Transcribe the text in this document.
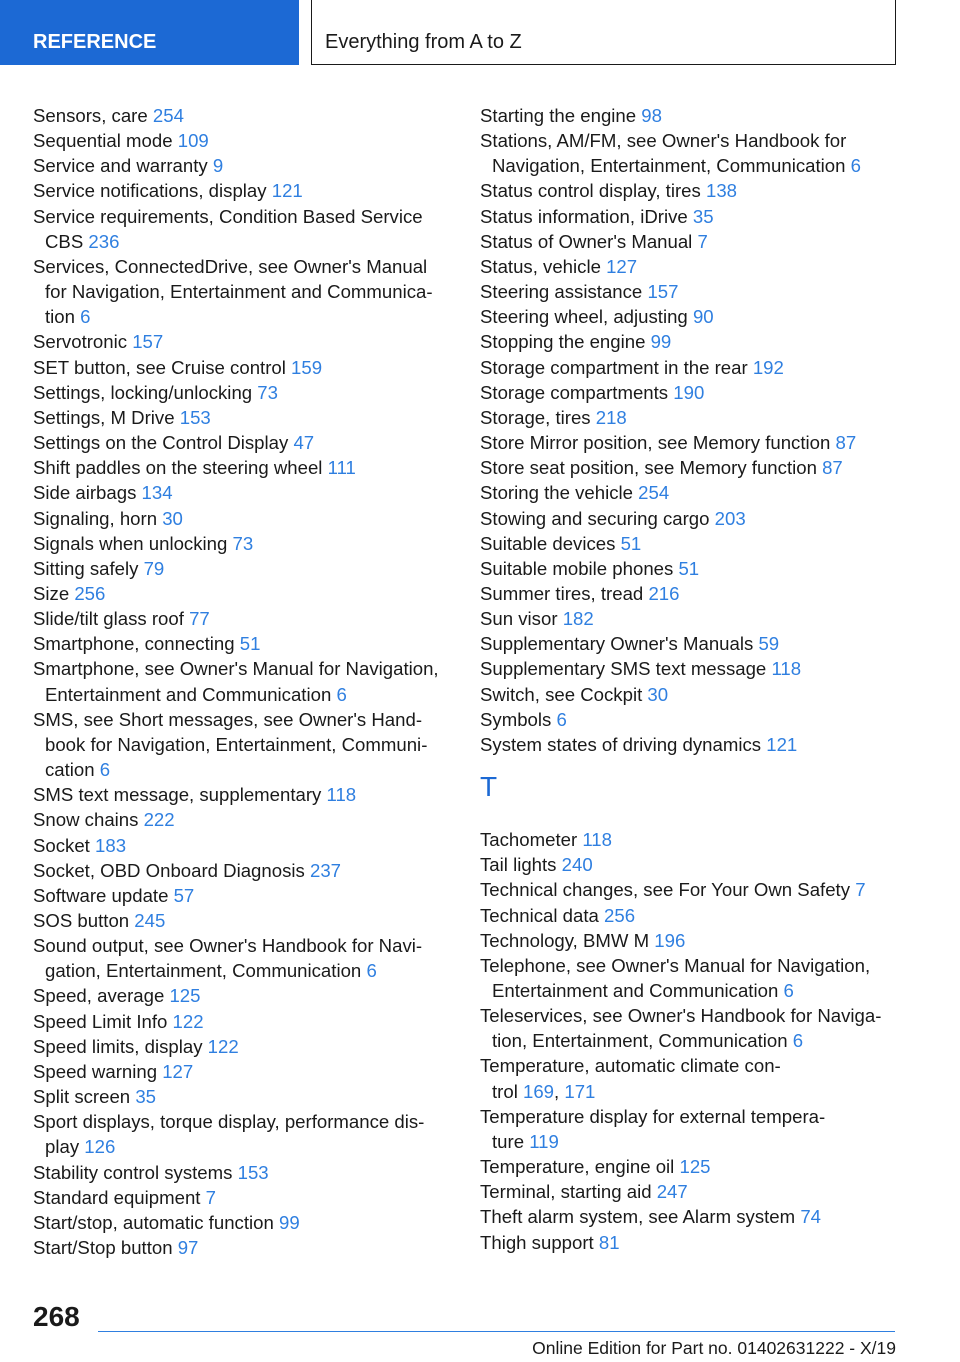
REFERENCE	Everything from A to Z
Sensors, care 254
Sequential mode 109
Service and warranty 9
Service notifications, display 121
Service requirements, Condition Based Service
CBS 236
Services, ConnectedDrive, see Owner's Manual
for Navigation, Entertainment and Communica-
tion 6
Servotronic 157
SET button, see Cruise control 159
Settings, locking/unlocking 73
Settings, M Drive 153
Settings on the Control Display 47
Shift paddles on the steering wheel 111
Side airbags 134
Signaling, horn 30
Signals when unlocking 73
Sitting safely 79
Size 256
Slide/tilt glass roof 77
Smartphone, connecting 51
Smartphone, see Owner's Manual for Navigation,
Entertainment and Communication 6
SMS, see Short messages, see Owner's Hand-
book for Navigation, Entertainment, Communi-
cation 6
SMS text message, supplementary 118
Snow chains 222
Socket 183
Socket, OBD Onboard Diagnosis 237
Software update 57
SOS button 245
Sound output, see Owner's Handbook for Navi-
gation, Entertainment, Communication 6
Speed, average 125
Speed Limit Info 122
Speed limits, display 122
Speed warning 127
Split screen 35
Sport displays, torque display, performance dis-
play 126
Stability control systems 153
Standard equipment 7
Start/stop, automatic function 99
Start/Stop button 97
Starting the engine 98
Stations, AM/FM, see Owner's Handbook for
Navigation, Entertainment, Communication 6
Status control display, tires 138
Status information, iDrive 35
Status of Owner's Manual 7
Status, vehicle 127
Steering assistance 157
Steering wheel, adjusting 90
Stopping the engine 99
Storage compartment in the rear 192
Storage compartments 190
Storage, tires 218
Store Mirror position, see Memory function 87
Store seat position, see Memory function 87
Storing the vehicle 254
Stowing and securing cargo 203
Suitable devices 51
Suitable mobile phones 51
Summer tires, tread 216
Sun visor 182
Supplementary Owner's Manuals 59
Supplementary SMS text message 118
Switch, see Cockpit 30
Symbols 6
System states of driving dynamics 121
T
Tachometer 118
Tail lights 240
Technical changes, see For Your Own Safety 7
Technical data 256
Technology, BMW M 196
Telephone, see Owner's Manual for Navigation,
Entertainment and Communication 6
Teleservices, see Owner's Handbook for Naviga-
tion, Entertainment, Communication 6
Temperature, automatic climate con-
trol 169, 171
Temperature display for external tempera-
ture 119
Temperature, engine oil 125
Terminal, starting aid 247
Theft alarm system, see Alarm system 74
Thigh support 81
268
Online Edition for Part no. 01402631222 - X/19
